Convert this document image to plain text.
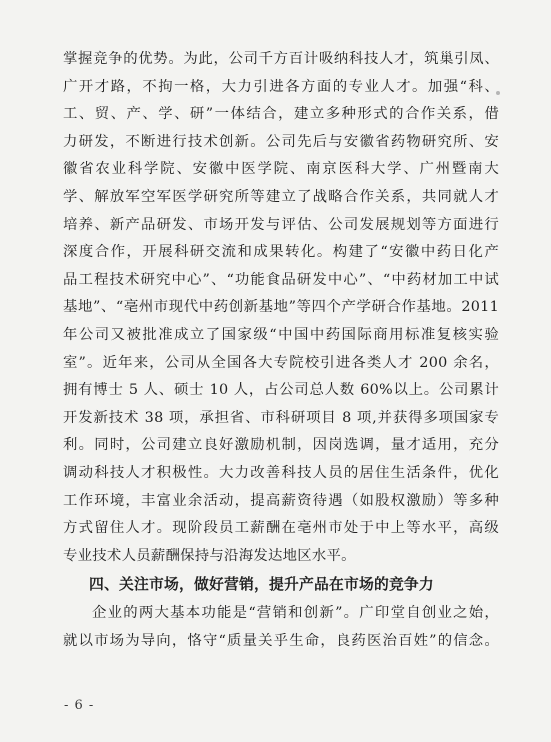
掌握竞争的优势。为此，公司千方百计吸纳科技人才，筑巢引凤、
广开才路，不拘一格，大力引进各方面的专业人才。加强“科、
工、贸、产、学、研”一体结合，建立多种形式的合作关系，借
力研发，不断进行技术创新。公司先后与安徽省药物研究所、安
徽省农业科学院、安徽中医学院、南京医科大学、广州暨南大
学、解放军空军医学研究所等建立了战略合作关系，共同就人才
培养、新产品研发、市场开发与评估、公司发展规划等方面进行
深度合作，开展科研交流和成果转化。构建了“安徽中药日化产
品工程技术研究中心”、“功能食品研发中心”、“中药材加工中试
基地”、“亳州市现代中药创新基地”等四个产学研合作基地。2011
年公司又被批准成立了国家级“中国中药国际商用标准复核实验
室”。近年来，公司从全国各大专院校引进各类人才 200 余名，
拥有博士 5 人、硕士 10 人，占公司总人数 60%以上。公司累计
开发新技术 38 项，承担省、市科研项目 8 项,并获得多项国家专
利。同时，公司建立良好激励机制，因岗选调，量才适用，充分
调动科技人才积极性。大力改善科技人员的居住生活条件，优化
工作环境，丰富业余活动，提高薪资待遇（如股权激励）等多种
方式留住人才。现阶段员工薪酬在亳州市处于中上等水平，高级
专业技术人员薪酬保持与沿海发达地区水平。
四、关注市场，做好营销，提升产品在市场的竞争力
企业的两大基本功能是“营销和创新”。广印堂自创业之始，
就以市场为导向，恪守“质量关乎生命，良药医治百姓”的信念。
- 6 -
